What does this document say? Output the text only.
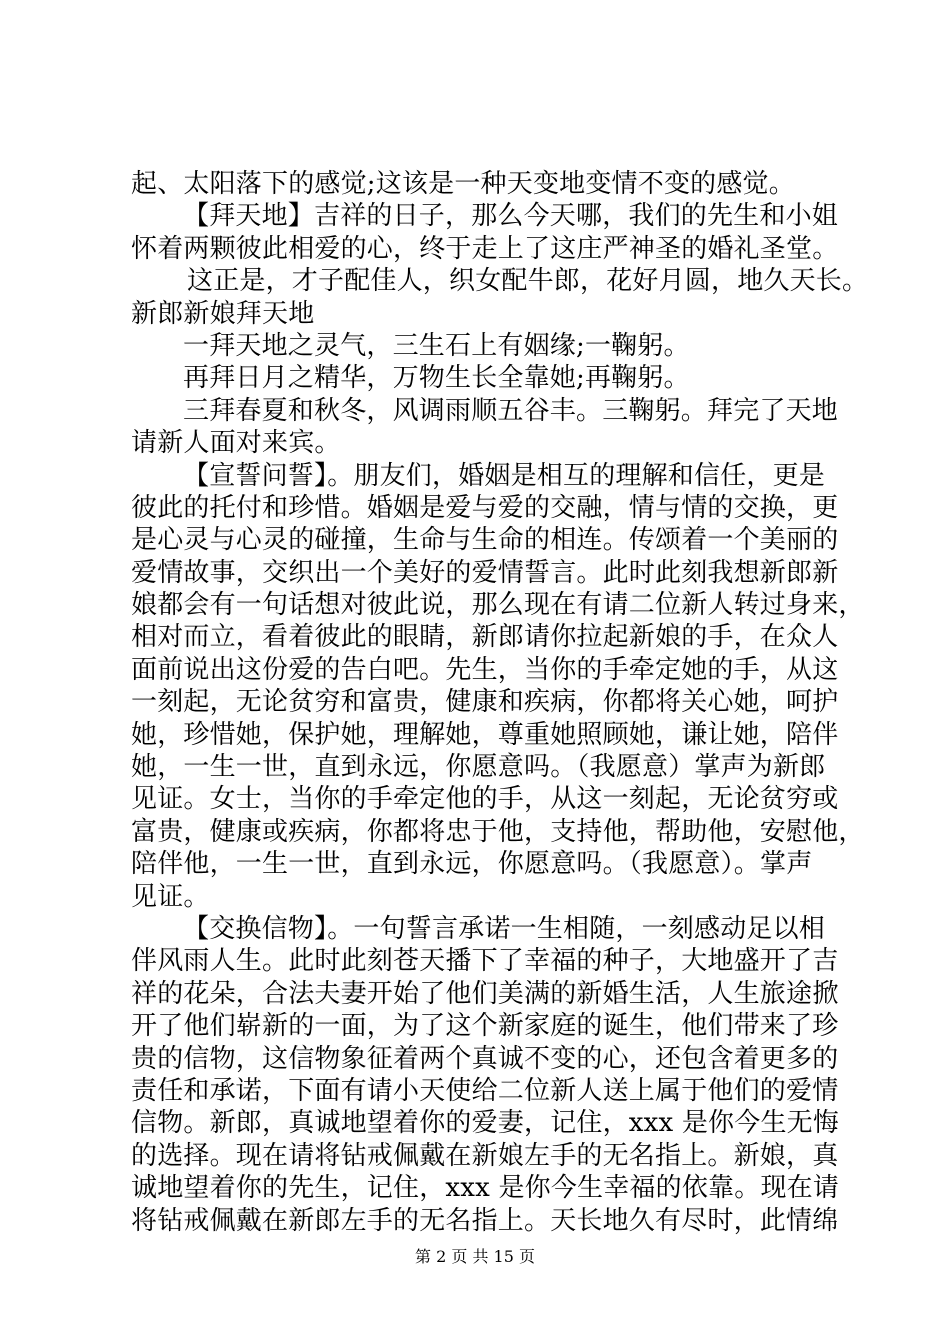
起、太阳落下的感觉;这该是一种天变地变情不变的感觉。
【拜天地】吉祥的日子，那么今天哪，我们的先生和小姐
怀着两颗彼此相爱的心，终于走上了这庄严神圣的婚礼圣堂。
这正是，才子配佳人，织女配牛郎，花好月圆，地久天长。
新郎新娘拜天地
一拜天地之灵气，三生石上有姻缘;一鞠躬。
再拜日月之精华，万物生长全靠她;再鞠躬。
三拜春夏和秋冬，风调雨顺五谷丰。三鞠躬。拜完了天地
请新人面对来宾。
【宣誓问誓】。朋友们，婚姻是相互的理解和信任，更是
彼此的托付和珍惜。婚姻是爱与爱的交融，情与情的交换，更
是心灵与心灵的碰撞，生命与生命的相连。传颂着一个美丽的
爱情故事，交织出一个美好的爱情誓言。此时此刻我想新郎新
娘都会有一句话想对彼此说，那么现在有请二位新人转过身来，
相对而立，看着彼此的眼睛，新郎请你拉起新娘的手，在众人
面前说出这份爱的告白吧。先生，当你的手牵定她的手，从这
一刻起，无论贫穷和富贵，健康和疾病，你都将关心她，呵护
她，珍惜她，保护她，理解她，尊重她照顾她，谦让她，陪伴
她，一生一世，直到永远，你愿意吗。（我愿意）掌声为新郎
见证。女士，当你的手牵定他的手，从这一刻起，无论贫穷或
富贵，健康或疾病，你都将忠于他，支持他，帮助他，安慰他，
陪伴他，一生一世，直到永远，你愿意吗。（我愿意）。掌声
见证。
【交换信物】。一句誓言承诺一生相随，一刻感动足以相
伴风雨人生。此时此刻苍天播下了幸福的种子，大地盛开了吉
祥的花朵，合法夫妻开始了他们美满的新婚生活，人生旅途掀
开了他们崭新的一面，为了这个新家庭的诞生，他们带来了珍
贵的信物，这信物象征着两个真诚不变的心，还包含着更多的
责任和承诺，下面有请小天使给二位新人送上属于他们的爱情
信物。新郎，真诚地望着你的爱妻，记住，xxx 是你今生无悔
的选择。现在请将钻戒佩戴在新娘左手的无名指上。新娘，真
诚地望着你的先生，记住，xxx 是你今生幸福的依靠。现在请
将钻戒佩戴在新郎左手的无名指上。天长地久有尽时，此情绵
第 2 页 共 15 页
